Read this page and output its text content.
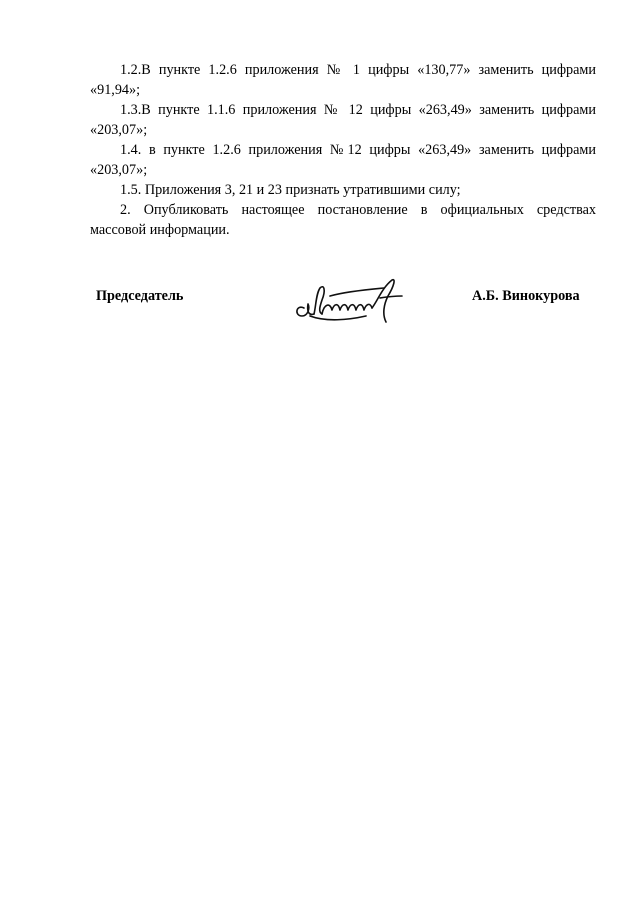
1.2.В пункте 1.2.6 приложения № 1 цифры «130,77» заменить цифрами «91,94»;

1.3.В пункте 1.1.6 приложения № 12 цифры «263,49» заменить цифрами «203,07»;

1.4. в пункте 1.2.6 приложения №12 цифры «263,49» заменить цифрами «203,07»;

1.5. Приложения 3, 21 и 23 признать утратившими силу;

2. Опубликовать настоящее постановление в официальных средствах массовой информации.

Председатель	А.Б. Винокурова
